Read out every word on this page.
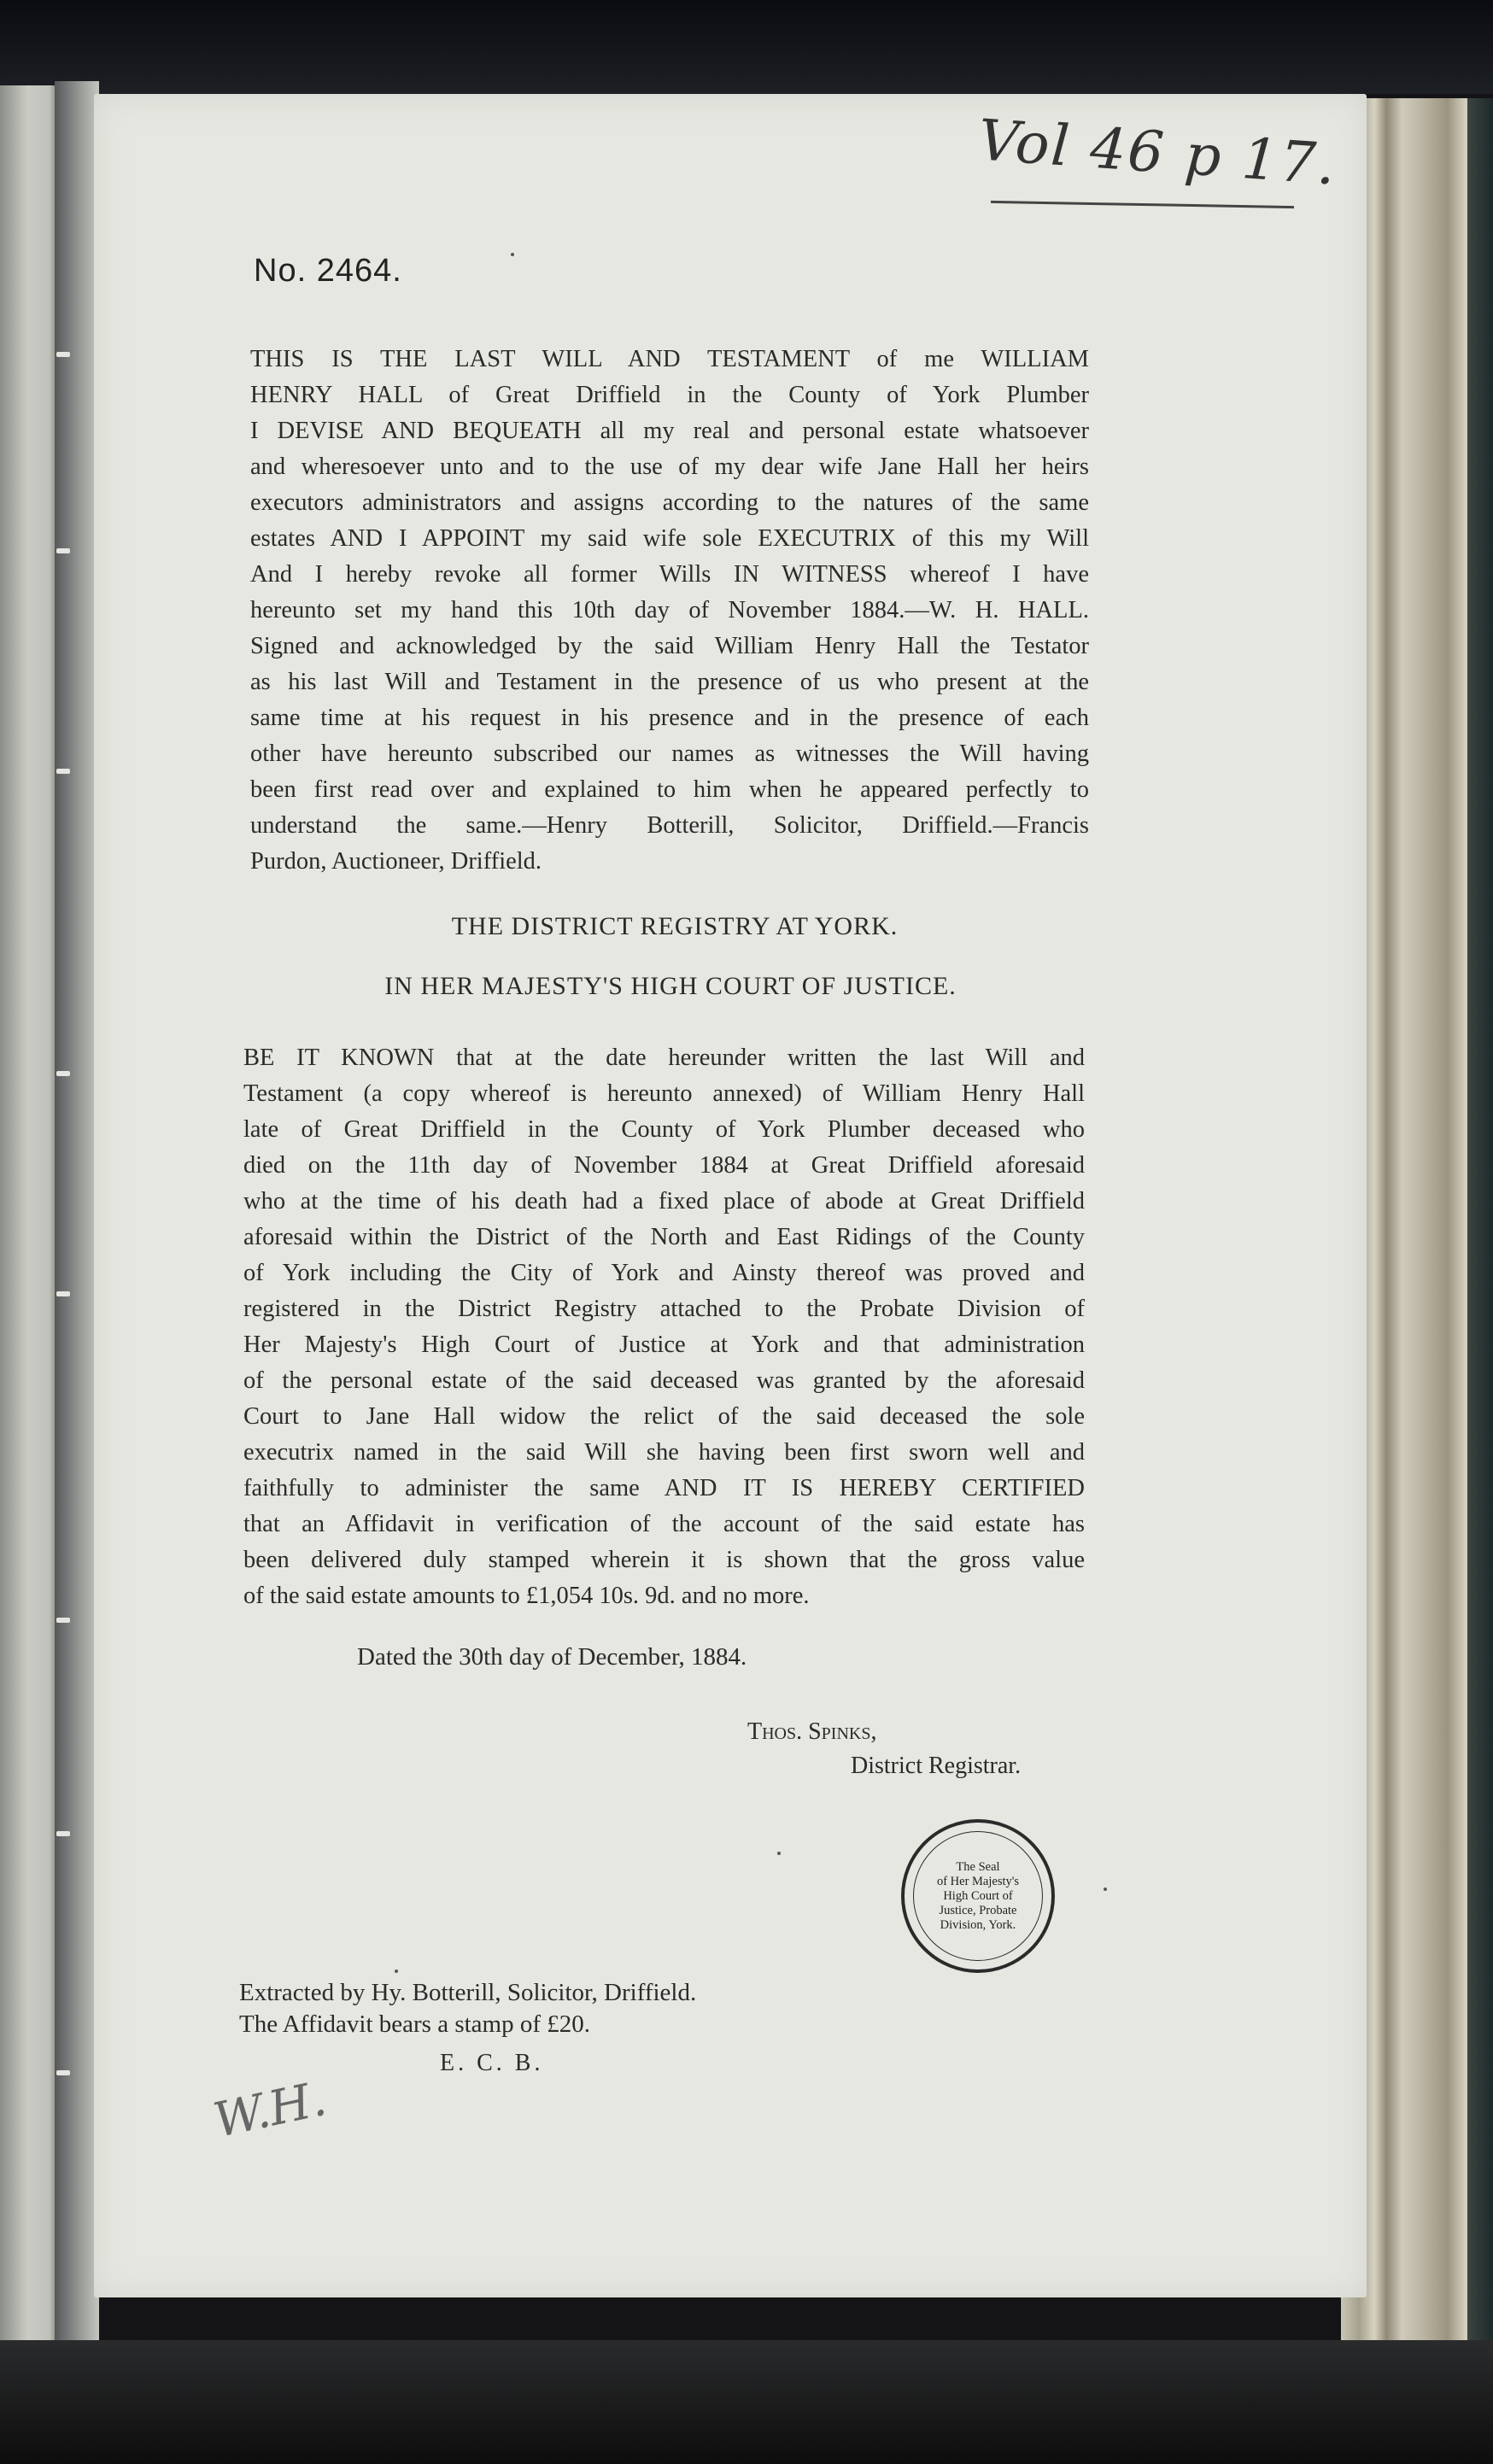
Vol 46 p 17.
No. 2464.
THIS IS THE LAST WILL AND TESTAMENT of me WILLIAM
HENRY HALL of Great Driffield in the County of York Plumber
I DEVISE AND BEQUEATH all my real and personal estate whatsoever
and wheresoever unto and to the use of my dear wife Jane Hall her heirs
executors administrators and assigns according to the natures of the same
estates AND I APPOINT my said wife sole EXECUTRIX of this my Will
And I hereby revoke all former Wills IN WITNESS whereof I have
hereunto set my hand this 10th day of November 1884.—W. H. HALL.
Signed and acknowledged by the said William Henry Hall the Testator
as his last Will and Testament in the presence of us who present at the
same time at his request in his presence and in the presence of each
other have hereunto subscribed our names as witnesses the Will having
been first read over and explained to him when he appeared perfectly to
understand the same.—Henry Botterill, Solicitor, Driffield.—Francis
Purdon, Auctioneer, Driffield.
THE DISTRICT REGISTRY AT YORK.
IN HER MAJESTY'S HIGH COURT OF JUSTICE.
BE IT KNOWN that at the date hereunder written the last Will and
Testament (a copy whereof is hereunto annexed) of William Henry Hall
late of Great Driffield in the County of York Plumber deceased who
died on the 11th day of November 1884 at Great Driffield aforesaid
who at the time of his death had a fixed place of abode at Great Driffield
aforesaid within the District of the North and East Ridings of the County
of York including the City of York and Ainsty thereof was proved and
registered in the District Registry attached to the Probate Division of
Her Majesty's High Court of Justice at York and that administration
of the personal estate of the said deceased was granted by the aforesaid
Court to Jane Hall widow the relict of the said deceased the sole
executrix named in the said Will she having been first sworn well and
faithfully to administer the same AND IT IS HEREBY CERTIFIED
that an Affidavit in verification of the account of the said estate has
been delivered duly stamped wherein it is shown that the gross value
of the said estate amounts to £1,054 10s. 9d. and no more.
Dated the 30th day of December, 1884.
Thos. Spinks,
District Registrar.
The Seal
of Her Majesty's
High Court of
Justice, Probate
Division, York.
Extracted by Hy. Botterill, Solicitor, Driffield.
The Affidavit bears a stamp of £20.
E. C. B.
W.H.
